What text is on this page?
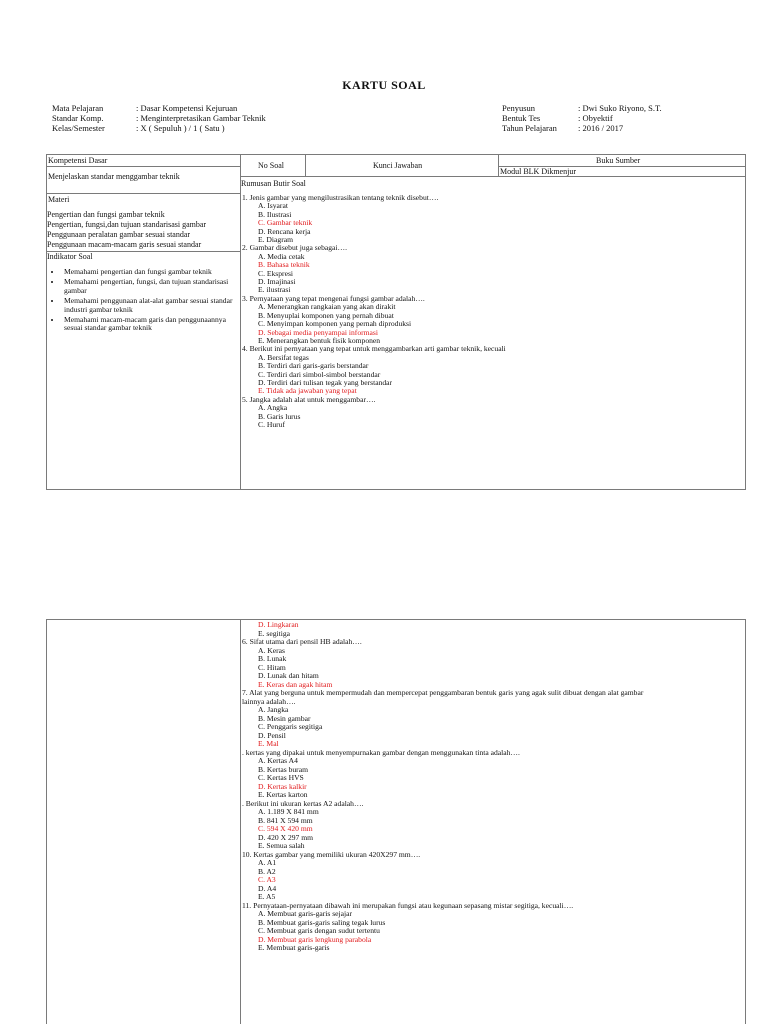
KARTU SOAL
Mata Pelajaran	: Dasar Kompetensi Kejuruan
Standar Komp.	: Menginterpretasikan Gambar Teknik
Kelas/Semester	: X ( Sepuluh ) / 1 ( Satu )
Penyusun	: Dwi Suko Riyono, S.T.
Bentuk Tes	: Obyektif
Tahun Pelajaran : 2016 / 2017
Kompetensi Dasar
Menjelaskan standar menggambar teknik
No Soal	Kunci Jawaban
Buku Sumber
Modul BLK Dikmenjur
Rumusan Butir Soal
Materi
Pengertian dan fungsi gambar teknik
Pengertian, fungsi,dan tujuan standarisasi gambar
Penggunaan peralatan gambar sesuai standar
Penggunaan macam-macam garis sesuai standar
Indikator Soal
• Memahami pengertian dan fungsi gambar teknik
• Memahami pengertian, fungsi, dan tujuan standarisasi gambar
• Memahami penggunaan alat-alat gambar sesuai standar industri gambar teknik
• Memahami macam-macam garis dan penggunaannya sesuai standar gambar teknik
1. Jenis gambar yang mengilustrasikan tentang teknik disebut….
A. Isyarat
B. Ilustrasi
C. Gambar teknik
D. Rencana kerja
E. Diagram
2. Gambar disebut juga sebagai….
A. Media cetak
B. Bahasa teknik
C. Ekspresi
D. Imajinasi
E. ilustrasi
3. Pernyataan yang tepat mengenai fungsi gambar adalah….
A. Menerangkan rangkaian yang akan dirakit
B. Menyuplai komponen yang pernah dibuat
C. Menyimpan komponen yang pernah diproduksi
D. Sebagai media penyampai informasi
E. Menerangkan bentuk fisik komponen
4. Berikut ini pernyataan yang tepat untuk menggambarkan arti gambar teknik, kecuali
A. Bersifat tegas
B. Terdiri dari garis-garis berstandar
C. Terdiri dari simbol-simbol berstandar
D. Terdiri dari tulisan tegak yang berstandar
E. Tidak ada jawaban yang tepat
5. Jangka adalah alat untuk menggambar….
A. Angka
B. Garis lurus
C. Huruf
D. Lingkaran
E. segitiga
6. Sifat utama dari pensil HB adalah….
A. Keras
B. Lunak
C. Hitam
D. Lunak dan hitam
E. Keras dan agak hitam
7. Alat yang berguna untuk mempermudah dan mempercepat penggambaran bentuk garis yang agak sulit dibuat dengan alat gambar
lainnya adalah….
A. Jangka
B. Mesin gambar
C. Penggaris segitiga
D. Pensil
E. Mal
. kertas yang dipakai untuk menyempurnakan gambar dengan menggunakan tinta adalah….
A. Kertas A4
B. Kertas buram
C. Kertas HVS
D. Kertas kalkir
E. Kertas karton
. Berikut ini ukuran kertas A2 adalah….
A. 1.189 X 841 mm
B. 841 X 594 mm
C. 594 X 420 mm
D. 420 X 297 mm
E. Semua salah
10. Kertas gambar yang memiliki ukuran 420X297 mm….
A. A1
B. A2
C. A3
D. A4
E. A5
11. Pernyataan-pernyataan dibawah ini merupakan fungsi atau kegunaan sepasang mistar segitiga, kecuali….
A. Membuat garis-garis sejajar
B. Membuat garis-garis saling tegak lurus
C. Membuat garis dengan sudut tertentu
D. Membuat garis lengkung parabola
E. Membuat garis-garis
